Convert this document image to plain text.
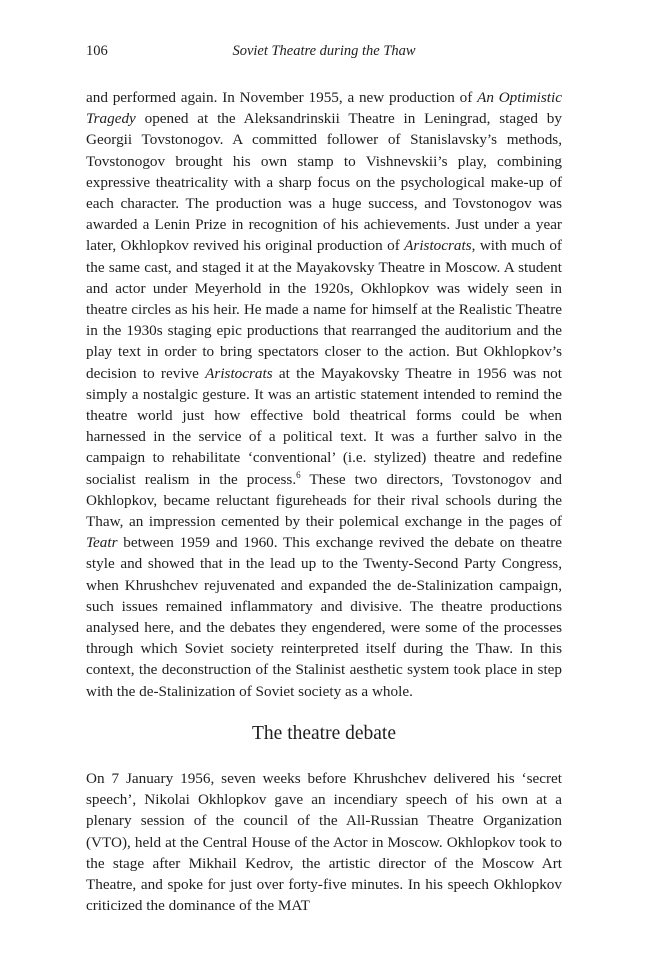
106	Soviet Theatre during the Thaw

and performed again. In November 1955, a new production of An Optimistic Tragedy opened at the Aleksandrinskii Theatre in Leningrad, staged by Georgii Tovstonogov. A committed follower of Stanislavsky’s methods, Tovstonogov brought his own stamp to Vishnevskii’s play, combining expressive theatricality with a sharp focus on the psychological make-up of each character. The production was a huge success, and Tovstonogov was awarded a Lenin Prize in recognition of his achievements. Just under a year later, Okhlopkov revived his original production of Aristocrats, with much of the same cast, and staged it at the Mayakovsky Theatre in Moscow. A student and actor under Meyerhold in the 1920s, Okhlopkov was widely seen in theatre circles as his heir. He made a name for himself at the Realistic Theatre in the 1930s staging epic productions that rearranged the auditorium and the play text in order to bring spectators closer to the action. But Okhlopkov’s decision to revive Aristocrats at the Mayakovsky Theatre in 1956 was not simply a nostalgic gesture. It was an artistic statement intended to remind the theatre world just how effective bold theatrical forms could be when harnessed in the service of a political text. It was a further salvo in the campaign to rehabilitate ‘conventional’ (i.e. stylized) theatre and redefine socialist realism in the process.$^6$ These two directors, Tovstonogov and Okhlopkov, became reluctant figureheads for their rival schools during the Thaw, an impression cemented by their polemical exchange in the pages of Teatr between 1959 and 1960. This exchange revived the debate on theatre style and showed that in the lead up to the Twenty-Second Party Congress, when Khrushchev rejuvenated and expanded the de-Stalinization campaign, such issues remained inflammatory and divisive. The theatre productions analysed here, and the debates they engendered, were some of the processes through which Soviet society reinterpreted itself during the Thaw. In this context, the deconstruction of the Stalinist aesthetic system took place in step with the de-Stalinization of Soviet society as a whole.

The theatre debate

On 7 January 1956, seven weeks before Khrushchev delivered his ‘secret speech’, Nikolai Okhlopkov gave an incendiary speech of his own at a plenary session of the council of the All-Russian Theatre Organization (VTO), held at the Central House of the Actor in Moscow. Okhlopkov took to the stage after Mikhail Kedrov, the artistic director of the Moscow Art Theatre, and spoke for just over forty-five minutes. In his speech Okhlopkov criticized the dominance of the MAT
